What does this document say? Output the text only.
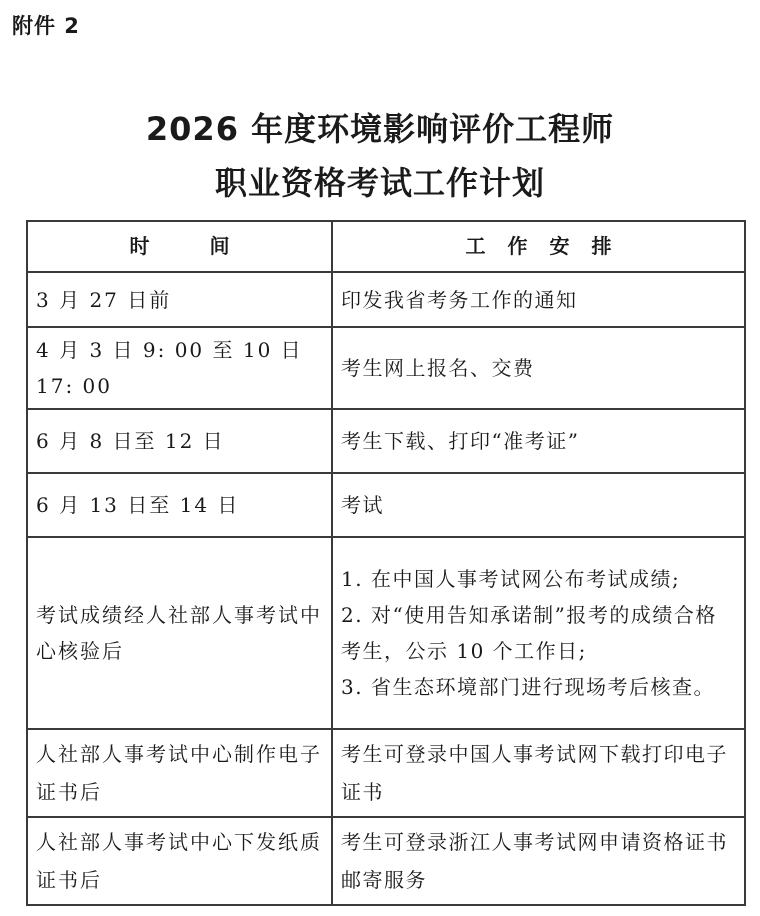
附件 2
2026 年度环境影响评价工程师
职业资格考试工作计划
时间	工作安排
3 月 27 日前	印发我省考务工作的通知

4 月 3 日 9: 00 至 10 日 17: 00	考生网上报名、交费

6 月 8 日至 12 日	考生下载、打印“准考证”

6 月 13 日至 14 日	考试

考试成绩经人社部人事考试中心核验后	1. 在中国人事考试网公布考试成绩;
2. 对“使用告知承诺制”报考的成绩合格考生，公示 10 个工作日;
3. 省生态环境部门进行现场考后核查。

人社部人事考试中心制作电子证书后	考生可登录中国人事考试网下载打印电子证书

人社部人事考试中心下发纸质证书后	考生可登录浙江人事考试网申请资格证书邮寄服务
